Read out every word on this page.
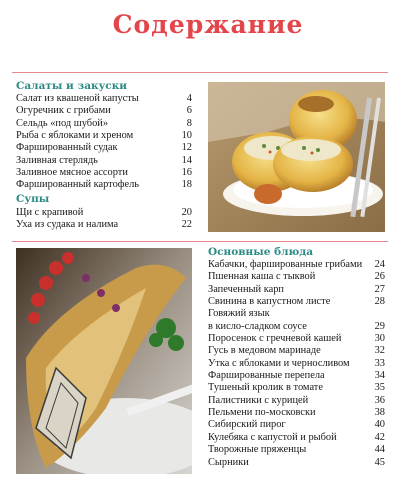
Содержание
Салаты и закуски
Салат из квашеной капусты	4
Огуречник с грибами	6
Сельдь «под шубой»	8
Рыба с яблоками и хреном	10
Фаршированный судак	12
Заливная стерлядь	14
Заливное мясное ассорти	16
Фаршированный картофель	18
Супы
Щи с крапивой	20
Уха из судака и налима	22
Основные блюда
Кабачки, фаршированные грибами	24
Пшенная каша с тыквой	26
Запеченный карп	27
Свинина в капустном листе	28
Говяжий язык
в кисло-сладком соусе	29
Поросенок с гречневой кашей	30
Гусь в медовом маринаде	32
Утка с яблоками и черносливом	33
Фаршированные перепела	34
Тушеный кролик в томате	35
Палистники с курицей	36
Пельмени по-московски	38
Сибирский пирог	40
Кулебяка с капустой и рыбой	42
Творожные пряженцы	44
Сырники	45
